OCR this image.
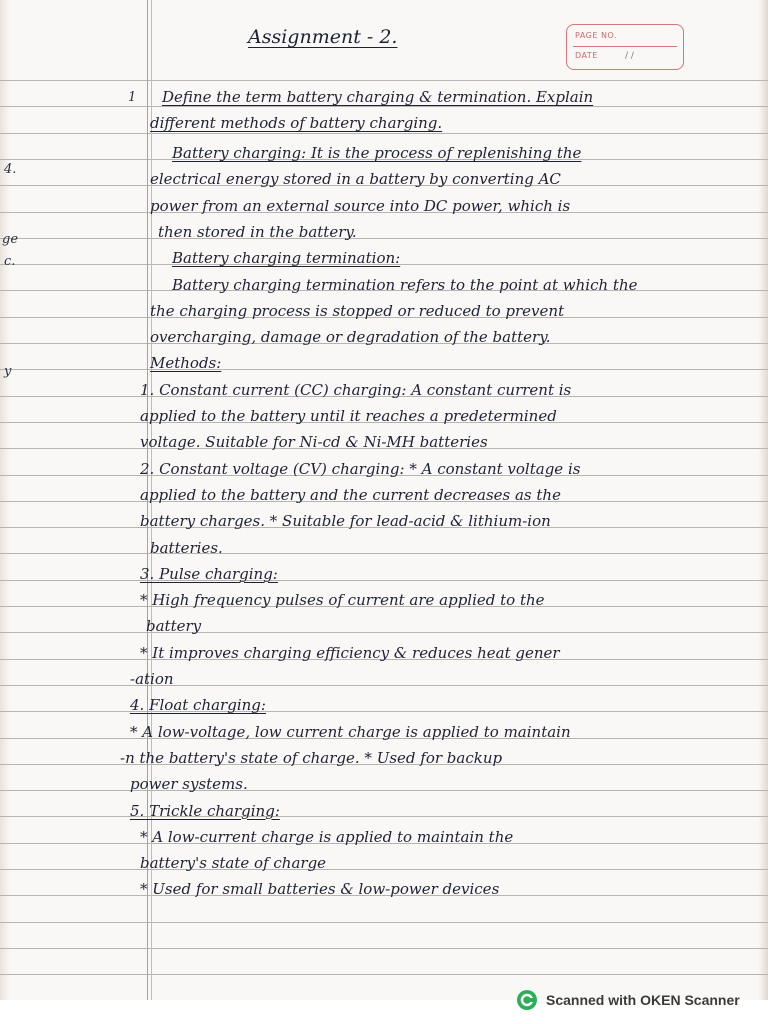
Assignment - 2.	PAGE NO.
DATE	/ /
1 Define the term battery charging & termination. Explain
different methods of battery charging.
4.
ge
c.
y
Battery charging: It is the process of replenishing the
electrical energy stored in a battery by converting AC
power from an external source into DC power, which is
then stored in the battery.
Battery charging termination:
Battery charging termination refers to the point at which the
the charging process is stopped or reduced to prevent
overcharging, damage or degradation of the battery.
Methods:
1. Constant current (CC) charging: A constant current is
applied to the battery until it reaches a predetermined
voltage. Suitable for Ni-cd & Ni-MH batteries
2. Constant voltage (CV) charging: * A constant voltage is
applied to the battery and the current decreases as the
battery charges. * Suitable for lead-acid & lithium-ion
batteries.
3. Pulse charging:
* High frequency pulses of current are applied to the
battery
* It improves charging efficiency & reduces heat gener
-ation
4. Float charging:
* A low-voltage, low current charge is applied to maintain
-n the battery's state of charge. * Used for backup
power systems.
5. Trickle charging:
* A low-current charge is applied to maintain the
battery's state of charge
* Used for small batteries & low-power devices
Scanned with OKEN Scanner
